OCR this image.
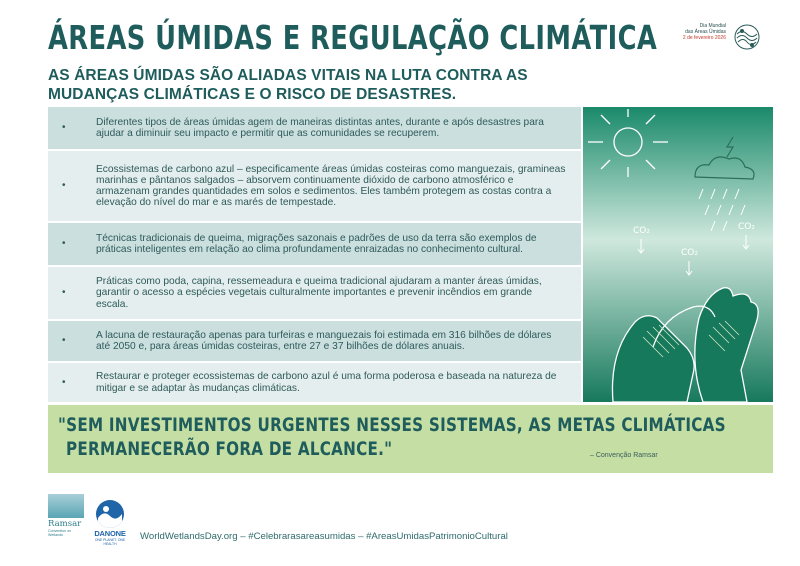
ÁREAS ÚMIDAS E REGULAÇÃO CLIMÁTICA
AS ÁREAS ÚMIDAS SÃO ALIADAS VITAIS NA LUTA CONTRA AS MUDANÇAS CLIMÁTICAS E O RISCO DE DESASTRES.
Dia Mundial
das Áreas Úmidas
2 de fevereiro 2026
•
Diferentes tipos de áreas úmidas agem de maneiras distintas antes, durante e após desastres para ajudar a diminuir seu impacto e permitir que as comunidades se recuperem.
•
Ecossistemas de carbono azul – especificamente áreas úmidas costeiras como manguezais, gramineas marinhas e pântanos salgados – absorvem continuamente dióxido de carbono atmosférico e armazenam grandes quantidades em solos e sedimentos. Eles também protegem as costas contra a elevação do nível do mar e as marés de tempestade.
•
Técnicas tradicionais de queima, migrações sazonais e padrões de uso da terra são exemplos de práticas inteligentes em relação ao clima profundamente enraizadas no conhecimento cultural.
•
Práticas como poda, capina, ressemeadura e queima tradicional ajudaram a manter áreas úmidas, garantir o acesso a espécies vegetais culturalmente importantes e prevenir incêndios em grande escala.
•
A lacuna de restauração apenas para turfeiras e manguezais foi estimada em 316 bilhões de dólares até 2050 e, para áreas úmidas costeiras, entre 27 e 37 bilhões de dólares anuais.
•
Restaurar e proteger ecossistemas de carbono azul é uma forma poderosa e baseada na natureza de mitigar e se adaptar às mudanças climáticas.
CO₂	CO₂
CO₂
"SEM INVESTIMENTOS URGENTES NESSES SISTEMAS, AS METAS CLIMÁTICAS
PERMANECERÃO FORA DE ALCANCE."	– Convenção Ramsar
Ramsar
Convention on Wetlands	DANONE
ONE PLANET. ONE HEALTH
WorldWetlandsDay.org – #Celebrarasareasumidas – #AreasUmidasPatrimonioCultural
